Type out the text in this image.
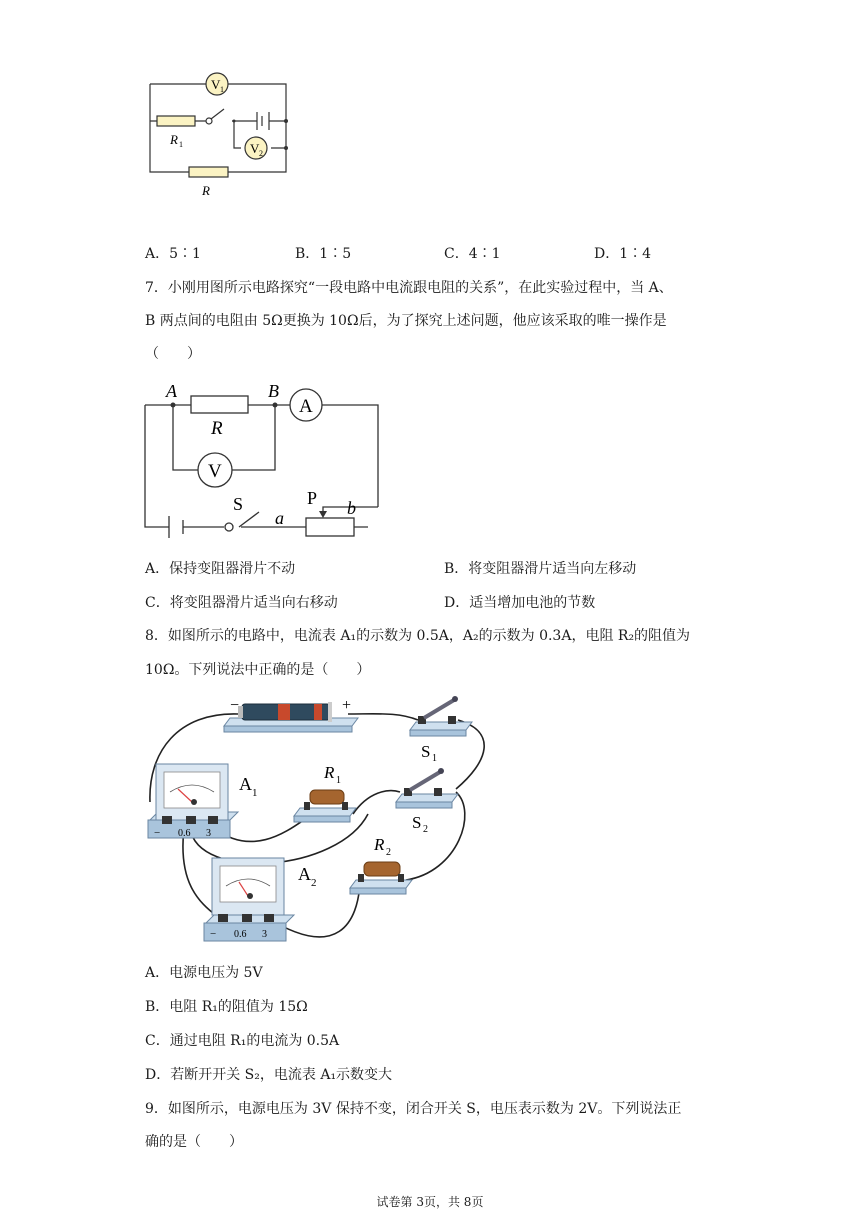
V 1
R 1	V 2
R
A．5∶1	B．1∶5	C．4∶1	D．1∶4
7．小刚用图所示电路探究“一段电路中电流跟电阻的关系”，在此实验过程中，当 A、
B 两点间的电阻由 5Ω更换为 10Ω后，为了探究上述问题，他应该采取的唯一操作是
（　　）
A	B
R
A
V
S	P
a	b
A．保持变阻器滑片不动	B．将变阻器滑片适当向左移动
C．将变阻器滑片适当向右移动	D．适当增加电池的节数
8．如图所示的电路中，电流表 A₁的示数为 0.5A，A₂的示数为 0.3A，电阻 R₂的阻值为
10Ω。下列说法中正确的是（　　）
−	+
S 1
− 0.6 3
A 1
R 1
S 2
R 2
− 0.6 3
A 2
A．电源电压为 5V
B．电阻 R₁的阻值为 15Ω
C．通过电阻 R₁的电流为 0.5A
D．若断开开关 S₂，电流表 A₁示数变大
9．如图所示，电源电压为 3V 保持不变，闭合开关 S，电压表示数为 2V。下列说法正
确的是（　　）
试卷第 3页，共 8页
